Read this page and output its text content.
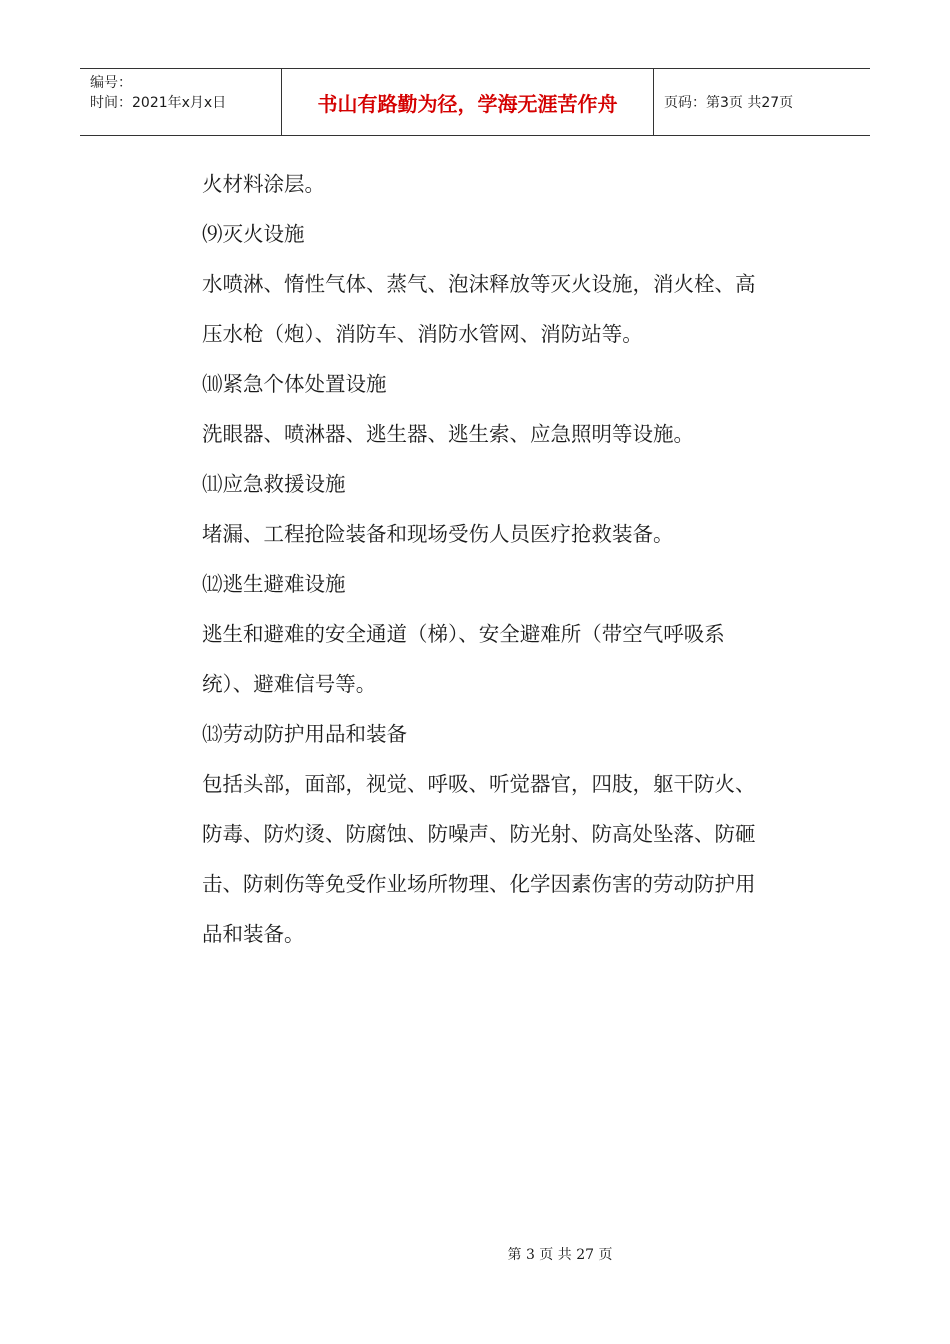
编号：
时间：2021年x月x日	书山有路勤为径，学海无涯苦作舟	页码：第3页 共27页
火材料涂层。
⑼灭火设施
水喷淋、惰性气体、蒸气、泡沫释放等灭火设施，消火栓、高
压水枪（炮）、消防车、消防水管网、消防站等。
⑽紧急个体处置设施
洗眼器、喷淋器、逃生器、逃生索、应急照明等设施。
⑾应急救援设施
堵漏、工程抢险装备和现场受伤人员医疗抢救装备。
⑿逃生避难设施
逃生和避难的安全通道（梯）、安全避难所（带空气呼吸系
统）、避难信号等。
⒀劳动防护用品和装备
包括头部，面部，视觉、呼吸、听觉器官，四肢，躯干防火、
防毒、防灼烫、防腐蚀、防噪声、防光射、防高处坠落、防砸
击、防刺伤等免受作业场所物理、化学因素伤害的劳动防护用
品和装备。
第 3 页 共 27 页
